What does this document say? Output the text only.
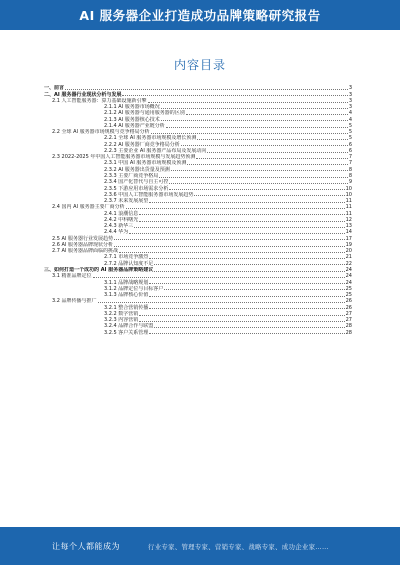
AI 服务器企业打造成功品牌策略研究报告
内容目录
一、前言	3
二、AI 服务器行业现状分析与发展	3
2.1 人工智能服务器：算力基础设施新引擎	3
2.1.1 AI 服务器市场概况	3
2.1.2 AI 服务器与通用服务器的区别	4
2.1.3 AI 服务器核心技术	4
2.1.4 AI 服务器产业链分析	5
2.2 全球 AI 服务器市场规模与竞争格局分析	5
2.2.1 全球 AI 服务器市场规模及增长预测	5
2.2.2 AI 服务器厂商竞争格局分析	6
2.2.3 主要企业 AI 服务器产品布局及发展动向	6
2.3 2022-2025 年中国人工智能服务器市场规模与发展趋势预测	7
2.3.1 中国 AI 服务器市场规模及预测	7
2.3.2 AI 服务器出货量及预测	8
2.3.3 主要厂商竞争格局	8
2.3.4 国产化替代与自主可控	9
2.3.5 下游应用市场需求分析	10
2.3.6 中国人工智能服务器市场发展趋势	10
2.3.7 未来发展展望	11
2.4 国内 AI 服务器主要厂商分析	11
2.4.1 浪潮信息	11
2.4.2 中科曙光	12
2.4.3 新华三	13
2.4.4 华为	14
2.5 AI 服务器行业发展趋势	17
2.6 AI 服务器品牌现状分析	19
2.7 AI 服务器品牌面临的挑战	20
2.7.1 市场竞争激烈	21
2.7.2 品牌认知度不足	22
三、如何打造一个成功的 AI 服务器品牌策略建议	24
3.1 精准品牌定位	24
3.1.1 品牌战略规划	24
3.1.2 品牌定位与目标客户	25
3.1.3 品牌核心价值	25
3.2 品牌传播与推广	26
3.2.1 整合营销传播	26
3.2.2 数字营销	27
3.2.3 内容营销	27
3.2.4 品牌合作与联盟	28
3.2.5 客户关系管理	28
让每个人都能成为	行业专家、管理专家、营销专家、战略专家、成功企业家……
